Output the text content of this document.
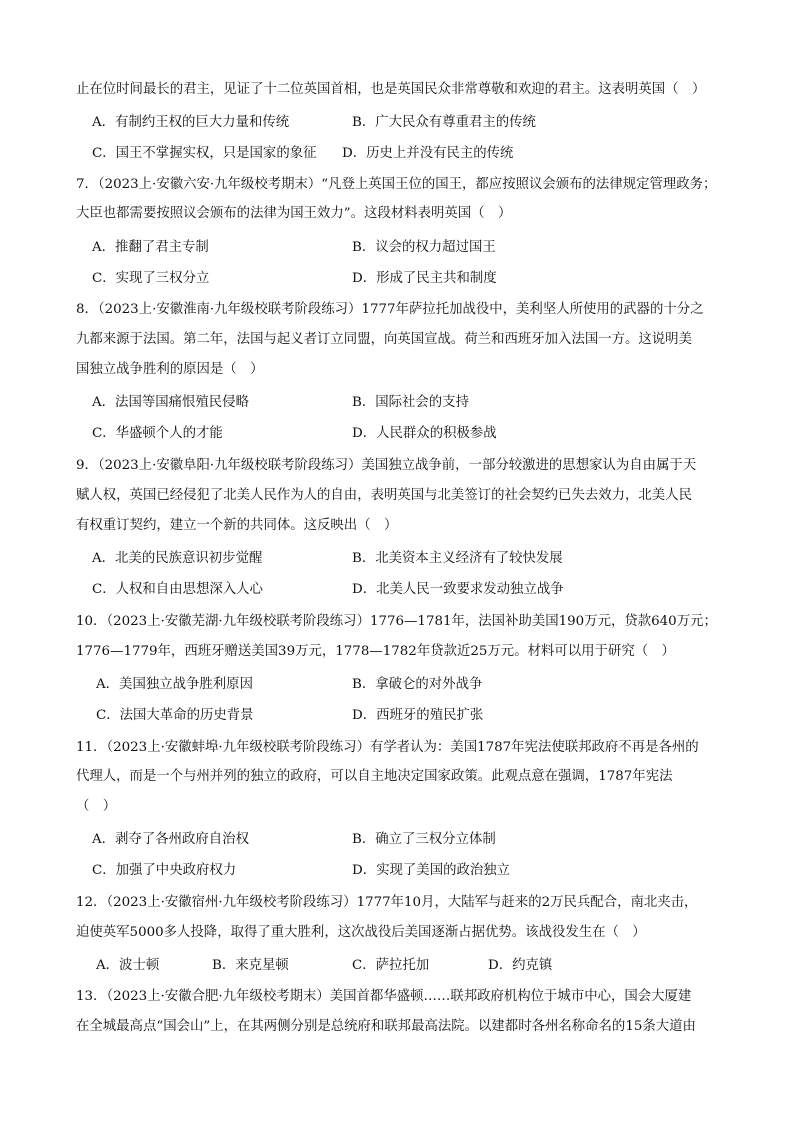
止在位时间最长的君主，见证了十二位英国首相，也是英国民众非常尊敬和欢迎的君主。这表明英国（　）
A．有制约王权的巨大力量和传统	B．广大民众有尊重君主的传统
C．国王不掌握实权，只是国家的象征 D．历史上并没有民主的传统
7．（2023上·安徽六安·九年级校考期末）“凡登上英国王位的国王，都应按照议会颁布的法律规定管理政务；
大臣也都需要按照议会颁布的法律为国王效力”。这段材料表明英国（　）
A．推翻了君主专制	B．议会的权力超过国王
C．实现了三权分立	D．形成了民主共和制度
8．（2023上·安徽淮南·九年级校联考阶段练习）1777年萨拉托加战役中，美利坚人所使用的武器的十分之
九都来源于法国。第二年，法国与起义者订立同盟，向英国宣战。荷兰和西班牙加入法国一方。这说明美
国独立战争胜利的原因是（　）
A．法国等国痛恨殖民侵略	B．国际社会的支持
C．华盛顿个人的才能	D．人民群众的积极参战
9．（2023上·安徽阜阳·九年级校联考阶段练习）美国独立战争前，一部分较激进的思想家认为自由属于天
赋人权，英国已经侵犯了北美人民作为人的自由，表明英国与北美签订的社会契约已失去效力，北美人民
有权重订契约，建立一个新的共同体。这反映出（　）
A．北美的民族意识初步觉醒	B．北美资本主义经济有了较快发展
C．人权和自由思想深入人心	D．北美人民一致要求发动独立战争
10．（2023上·安徽芜湖·九年级校联考阶段练习）1776—1781年，法国补助美国190万元，贷款640万元；
1776—1779年，西班牙赠送美国39万元，1778—1782年贷款近25万元。材料可以用于研究（　）
A．美国独立战争胜利原因	B．拿破仑的对外战争
C．法国大革命的历史背景	D．西班牙的殖民扩张
11．（2023上·安徽蚌埠·九年级校联考阶段练习）有学者认为：美国1787年宪法使联邦政府不再是各州的
代理人，而是一个与州并列的独立的政府，可以自主地决定国家政策。此观点意在强调，1787年宪法
（　）
A．剥夺了各州政府自治权	B．确立了三权分立体制
C．加强了中央政府权力	D．实现了美国的政治独立
12．（2023上·安徽宿州·九年级校考阶段练习）1777年10月，大陆军与赶来的2万民兵配合，南北夹击，
迫使英军5000多人投降，取得了重大胜利，这次战役后美国逐渐占据优势。该战役发生在（　）
A．波士顿	B．来克星顿	C．萨拉托加	D．约克镇
13．（2023上·安徽合肥·九年级校考期末）美国首都华盛顿……联邦政府机构位于城市中心，国会大厦建
在全城最高点“国会山”上，在其两侧分别是总统府和联邦最高法院。以建都时各州名称命名的15条大道由
